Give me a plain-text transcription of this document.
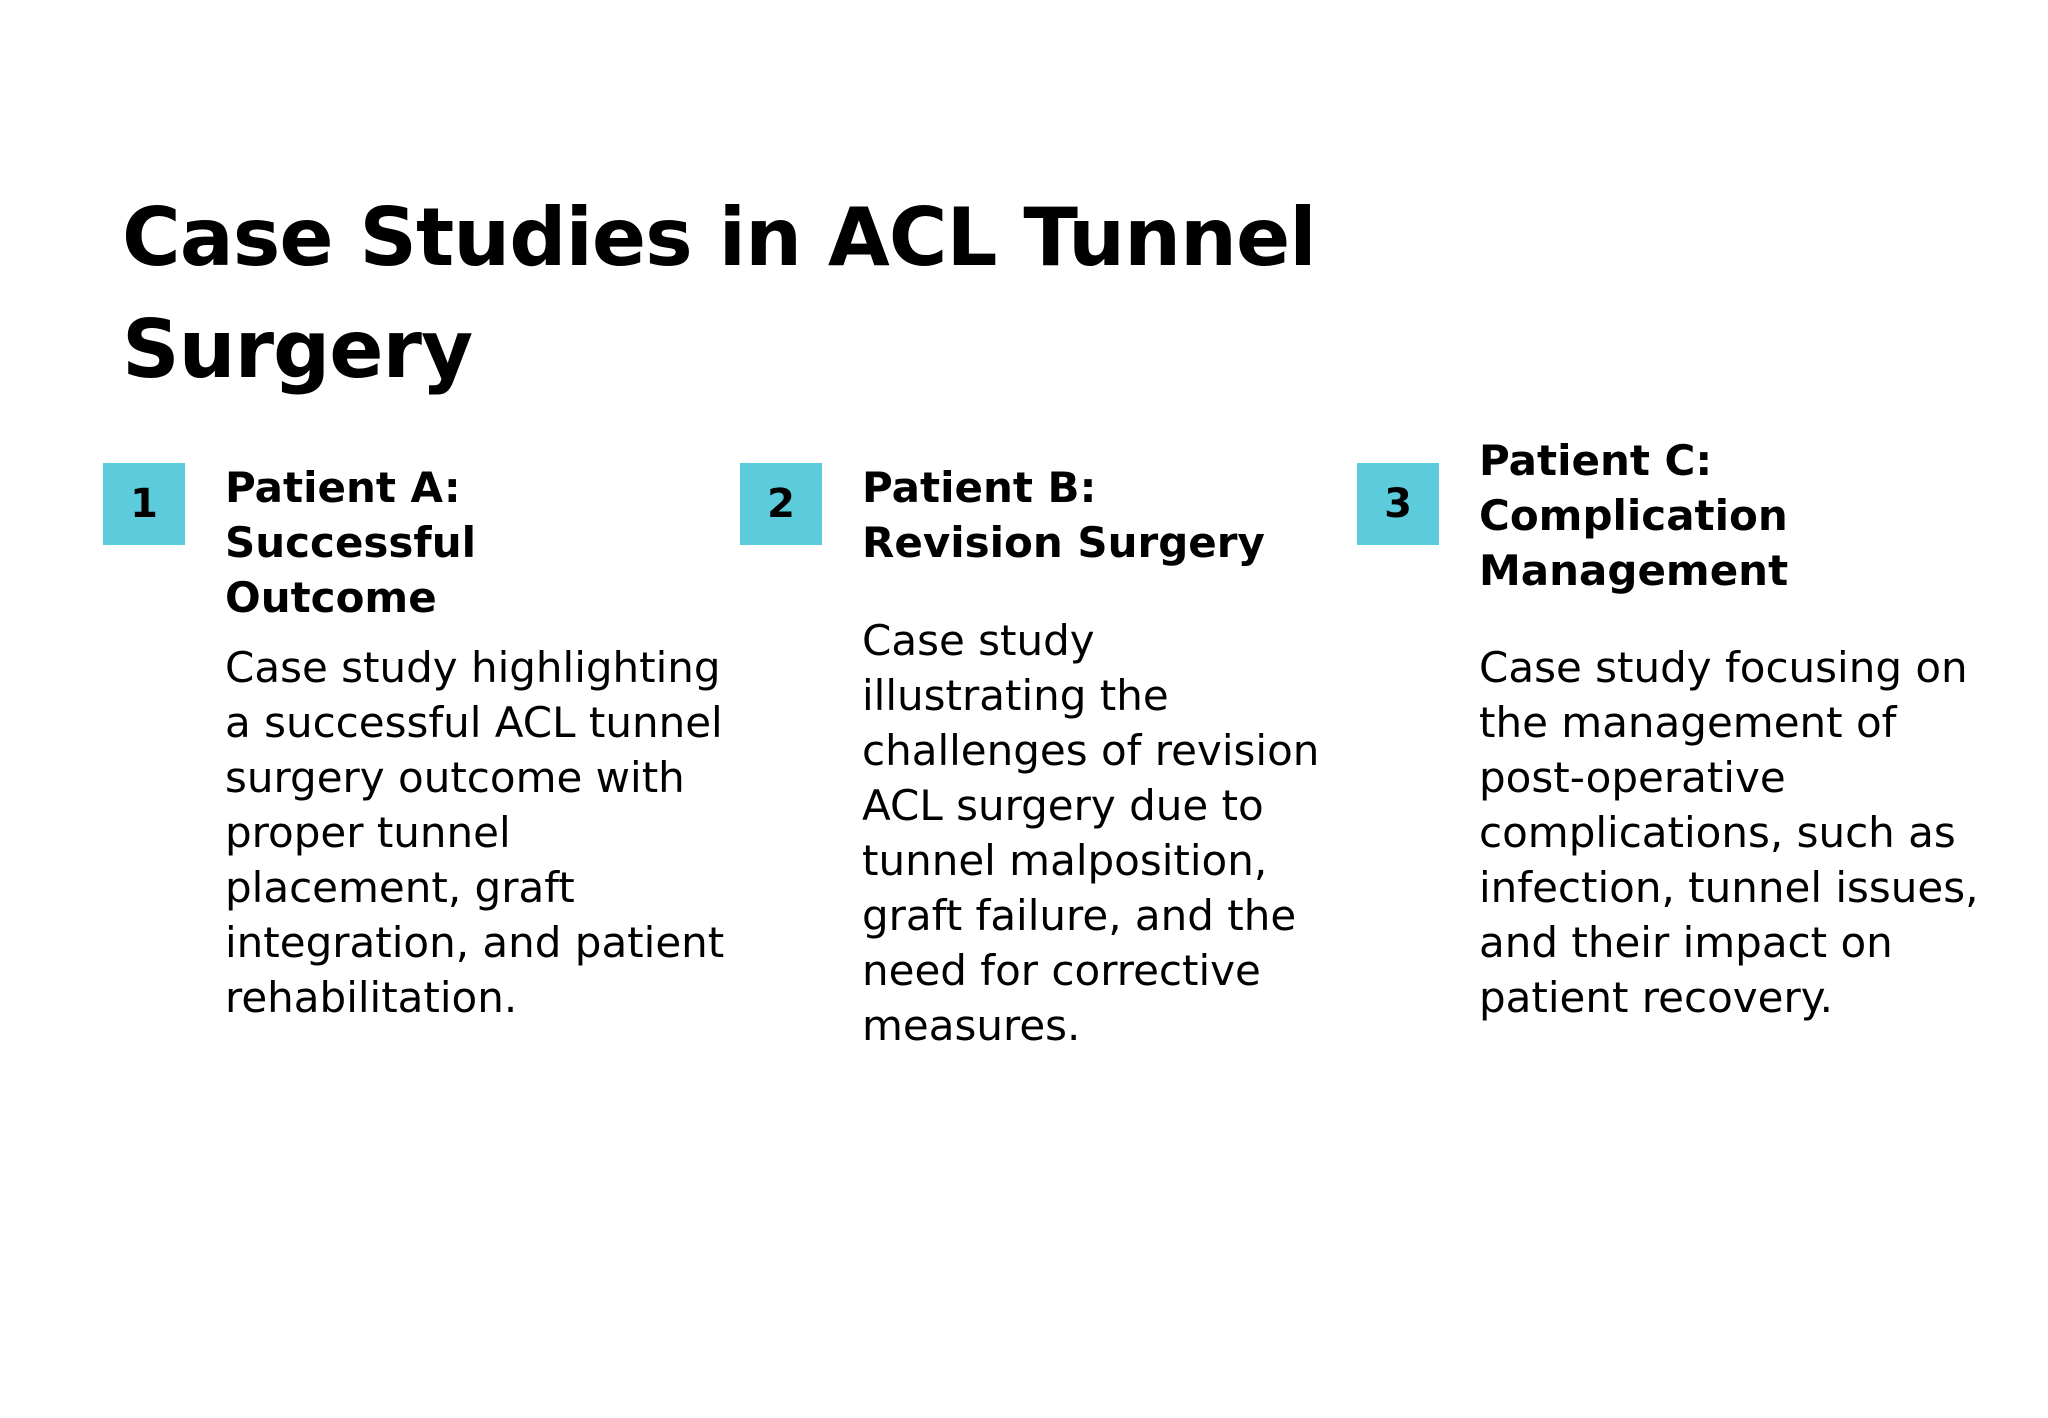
Case Studies in ACL Tunnel Surgery
1	Patient A: Successful Outcome

Case study highlighting a successful ACL tunnel surgery outcome with proper tunnel placement, graft integration, and patient rehabilitation.

2	Patient B: Revision Surgery

Case study illustrating the challenges of revision ACL surgery due to tunnel malposition, graft failure, and the need for corrective measures.

3
Patient C: Complication Management

Case study focusing on the management of post-operative complications, such as infection, tunnel issues, and their impact on patient recovery.
